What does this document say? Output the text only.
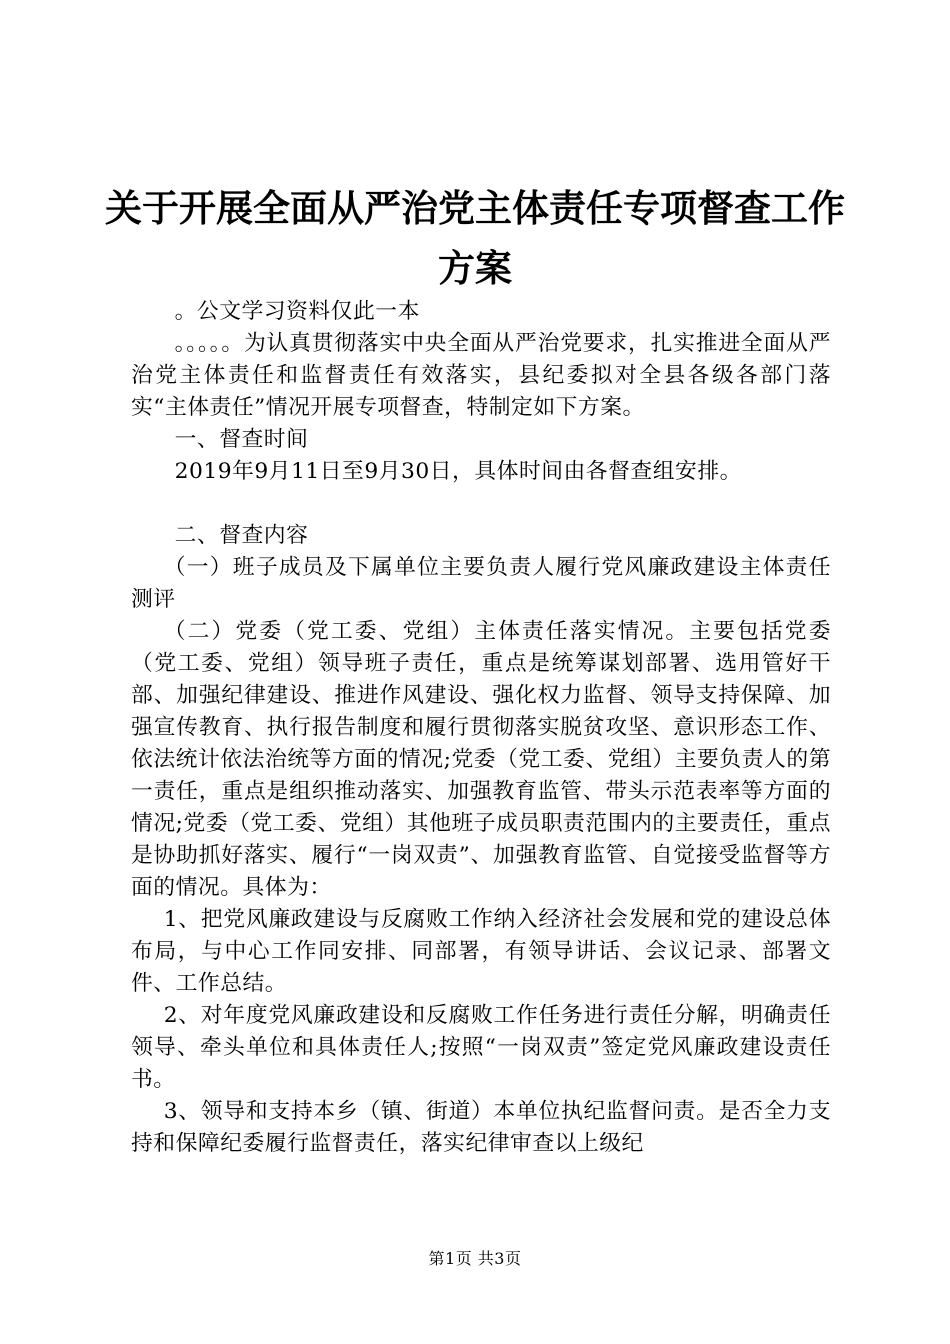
关于开展全面从严治党主体责任专项督查工作
方案

。公文学习资料仅此一本

。。。。。为认真贯彻落实中央全面从严治党要求，扎实推进全面从严治党主体责任和监督责任有效落实，县纪委拟对全县各级各部门落实“主体责任”情况开展专项督查，特制定如下方案。

一、督查时间

2019年9月11日至9月30日，具体时间由各督查组安排。

二、督查内容

（一）班子成员及下属单位主要负责人履行党风廉政建设主体责任测评

（二）党委（党工委、党组）主体责任落实情况。主要包括党委（党工委、党组）领导班子责任，重点是统筹谋划部署、选用管好干部、加强纪律建设、推进作风建设、强化权力监督、领导支持保障、加强宣传教育、执行报告制度和履行贯彻落实脱贫攻坚、意识形态工作、依法统计依法治统等方面的情况;党委（党工委、党组）主要负责人的第一责任，重点是组织推动落实、加强教育监管、带头示范表率等方面的情况;党委（党工委、党组）其他班子成员职责范围内的主要责任，重点是协助抓好落实、履行“一岗双责”、加强教育监管、自觉接受监督等方面的情况。具体为：

1、把党风廉政建设与反腐败工作纳入经济社会发展和党的建设总体布局，与中心工作同安排、同部署，有领导讲话、会议记录、部署文件、工作总结。

2、对年度党风廉政建设和反腐败工作任务进行责任分解，明确责任领导、牵头单位和具体责任人;按照“一岗双责”签定党风廉政建设责任书。

3、领导和支持本乡（镇、街道）本单位执纪监督问责。是否全力支持和保障纪委履行监督责任，落实纪律审查以上级纪

第1页 共3页
